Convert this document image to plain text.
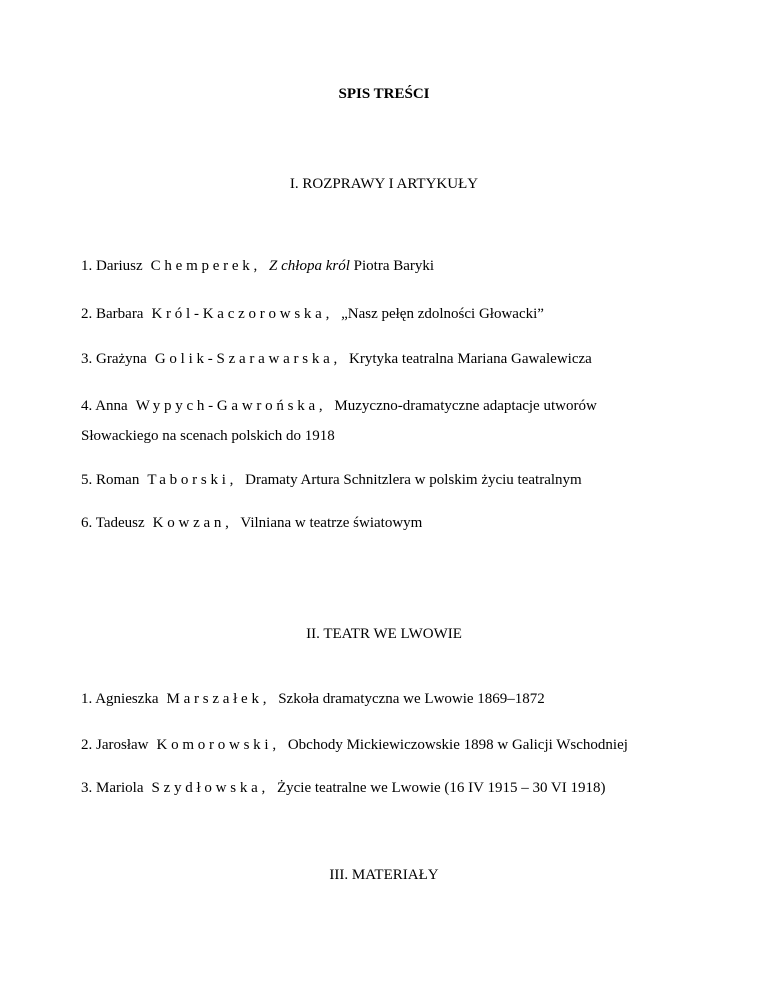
SPIS TREŚCI
I. ROZPRAWY I ARTYKUŁY
1. Dariusz Chemperek, Z chłopa król Piotra Baryki
2. Barbara Król-Kaczorowska, „Nasz pełęn zdolności Głowacki”
3. Grażyna Golik-Szarawarska, Krytyka teatralna Mariana Gawalewicza
4. Anna Wypych-Gawrońska, Muzyczno-dramatyczne adaptacje utworów
Słowackiego na scenach polskich do 1918
5. Roman Taborski, Dramaty Artura Schnitzlera w polskim życiu teatralnym
6. Tadeusz Kowzan, Vilniana w teatrze światowym
II. TEATR WE LWOWIE
1. Agnieszka Marszałek, Szkoła dramatyczna we Lwowie 1869–1872
2. Jarosław Komorowski, Obchody Mickiewiczowskie 1898 w Galicji Wschodniej
3. Mariola Szydłowska, Życie teatralne we Lwowie (16 IV 1915 – 30 VI 1918)
III. MATERIAŁY
